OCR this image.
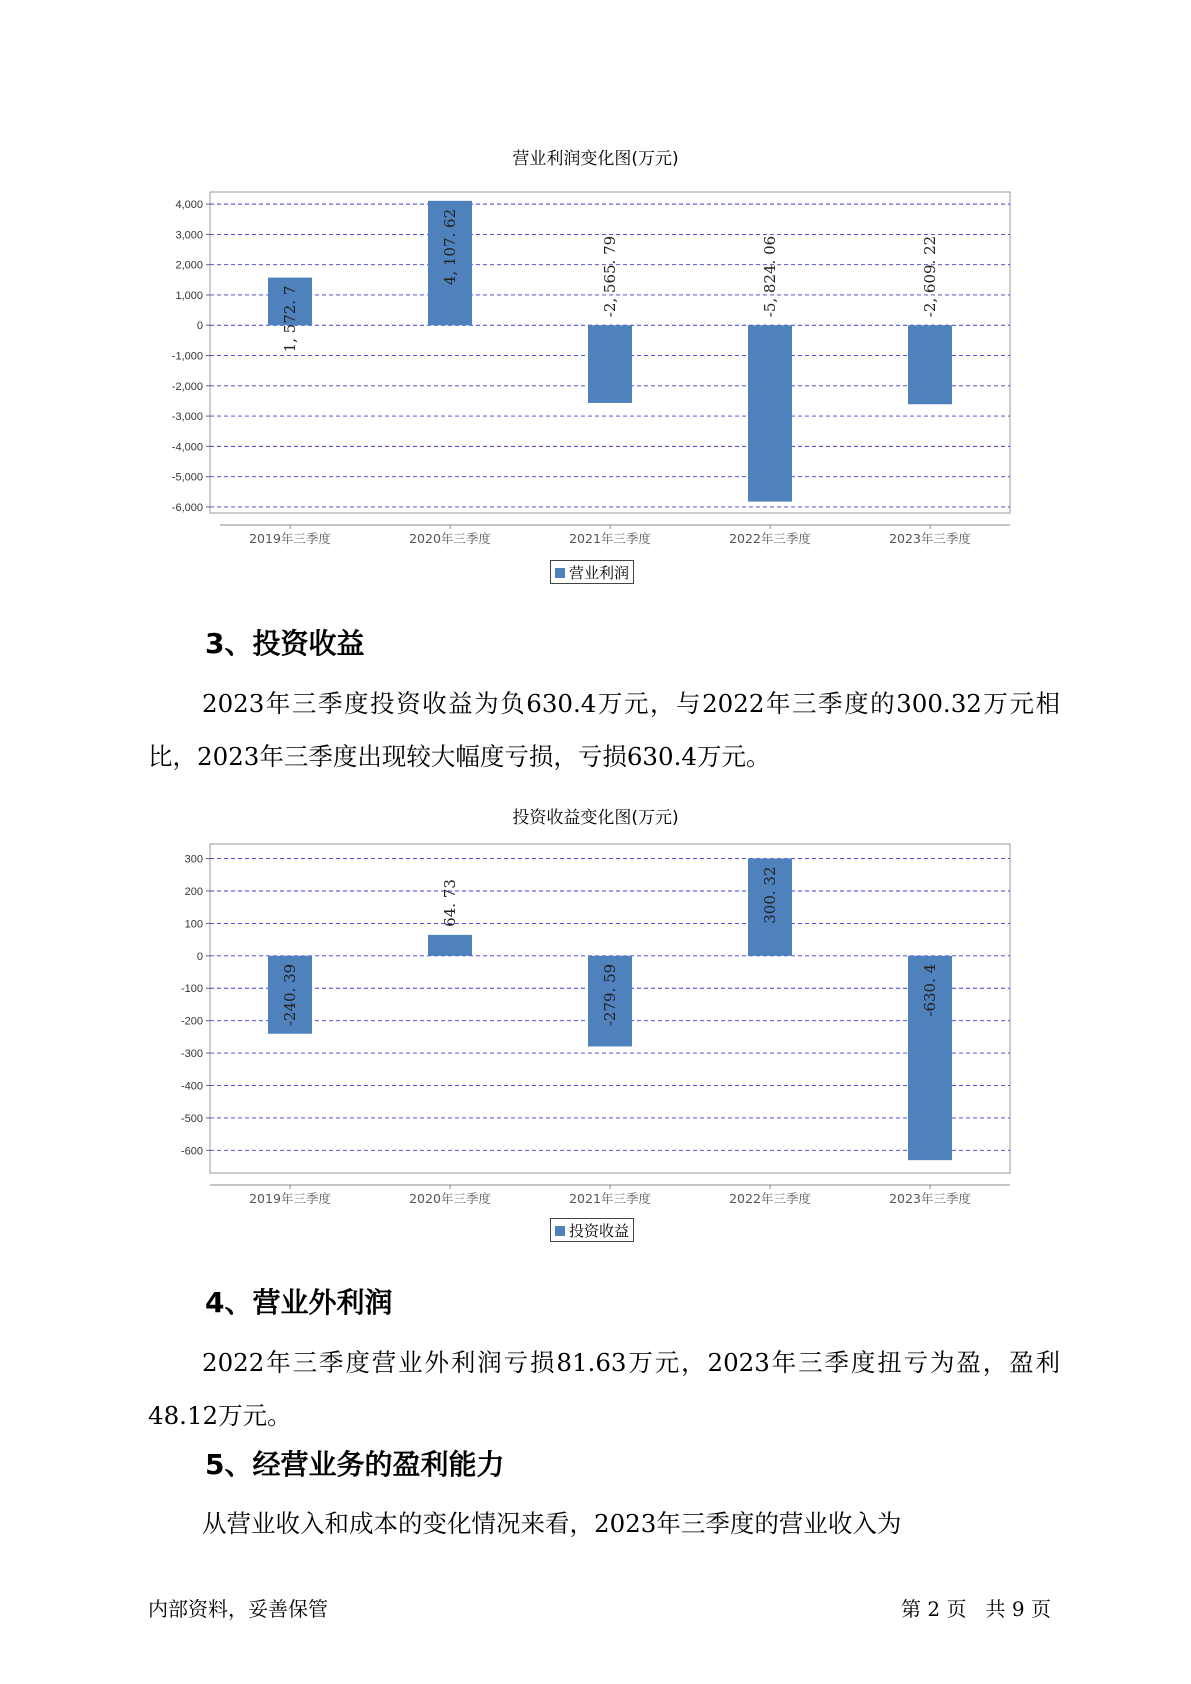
营业利润变化图(万元)
4,000
3,000
2,000
1,000
0
-1,000
-2,000
-3,000
-4,000
-5,000
-6,000
2019年三季度
1, 572. 7
2020年三季度
4, 107. 62
2021年三季度
-2, 565. 79
2022年三季度
-5, 824. 06
2023年三季度
-2, 609. 22
营业利润
3、投资收益
2023年三季度投资收益为负630.4万元，与2022年三季度的300.32万元相比，2023年三季度出现较大幅度亏损，亏损630.4万元。
投资收益变化图(万元)
300
200
100
0
-100
-200
-300
-400
-500
-600
2019年三季度
-240. 39
2020年三季度
64. 73
2021年三季度
-279. 59
2022年三季度
300. 32
2023年三季度
-630. 4
投资收益
4、营业外利润
2022年三季度营业外利润亏损81.63万元，2023年三季度扭亏为盈，盈利48.12万元。
5、经营业务的盈利能力
从营业收入和成本的变化情况来看，2023年三季度的营业收入为
内部资料，妥善保管	第 2 页   共 9 页
